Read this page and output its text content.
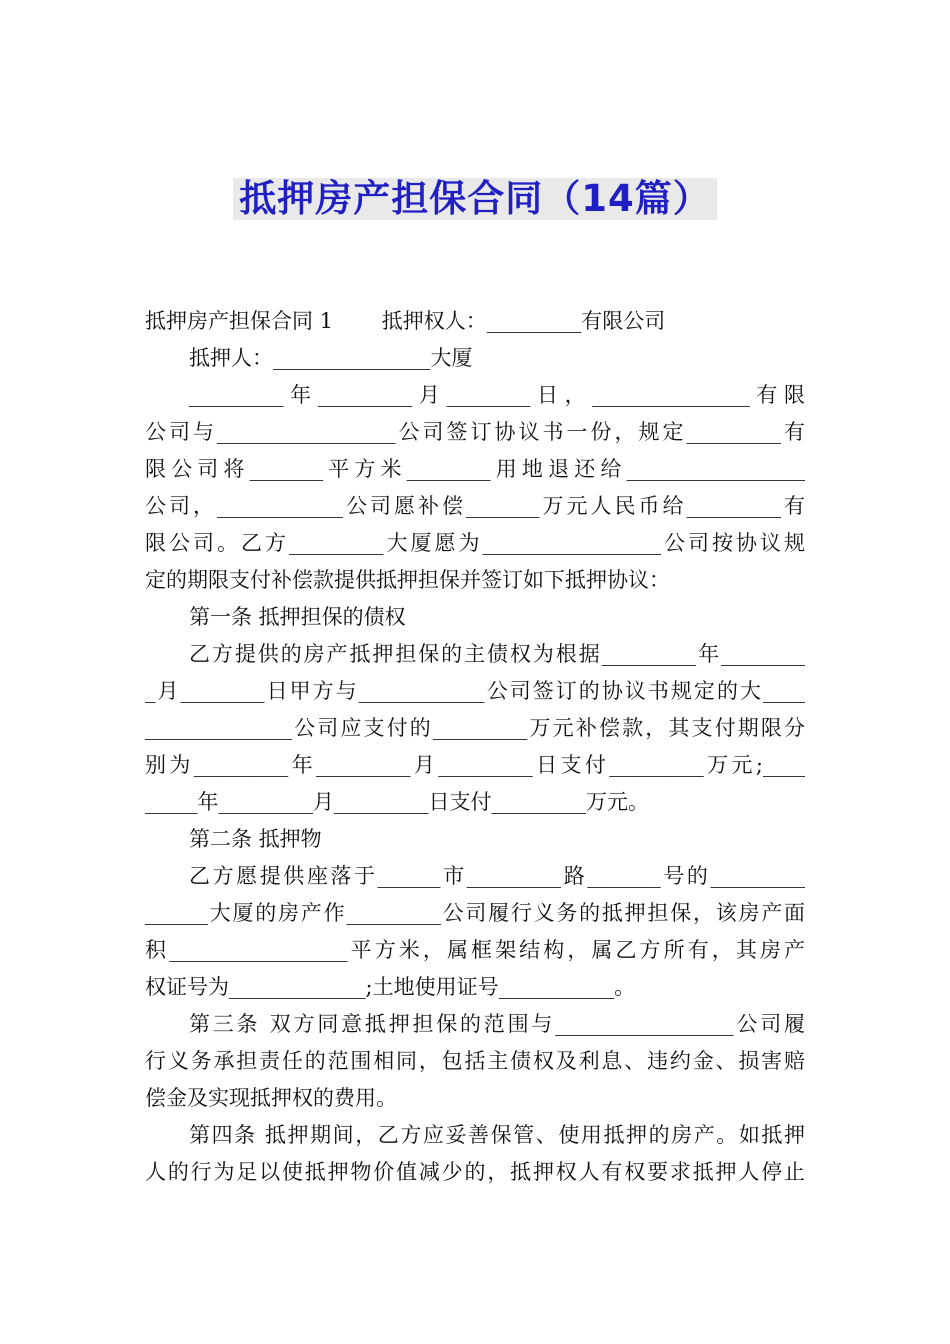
抵押房产担保合同（14篇）
抵押房产担保合同 1　　 抵押权人：_________有限公司
抵押人：_______________大厦
_________年_________月________日，_______________有限
公司与_________________公司签订协议书一份，规定_________有
限公司将_______平方米________用地退还给_________________
公司，____________公司愿补偿_______万元人民币给_________有
限公司。乙方_________大厦愿为_________________公司按协议规
定的期限支付补偿款提供抵押担保并签订如下抵押协议：
第一条 抵押担保的债权
乙方提供的房产抵押担保的主债权为根据_________年________
_月________日甲方与____________公司签订的协议书规定的大____
______________公司应支付的_________万元补偿款，其支付期限分
别为_________年_________月_________日支付_________万元;____
_____年_________月_________日支付_________万元。
第二条 抵押物
乙方愿提供座落于______市_________路_______号的_________
______大厦的房产作_________公司履行义务的抵押担保，该房产面
积_________________平方米，属框架结构，属乙方所有，其房产
权证号为_____________;土地使用证号___________。
第三条 双方同意抵押担保的范围与_________________公司履
行义务承担责任的范围相同，包括主债权及利息、违约金、损害赔
偿金及实现抵押权的费用。
第四条 抵押期间，乙方应妥善保管、使用抵押的房产。如抵押
人的行为足以使抵押物价值减少的，抵押权人有权要求抵押人停止
